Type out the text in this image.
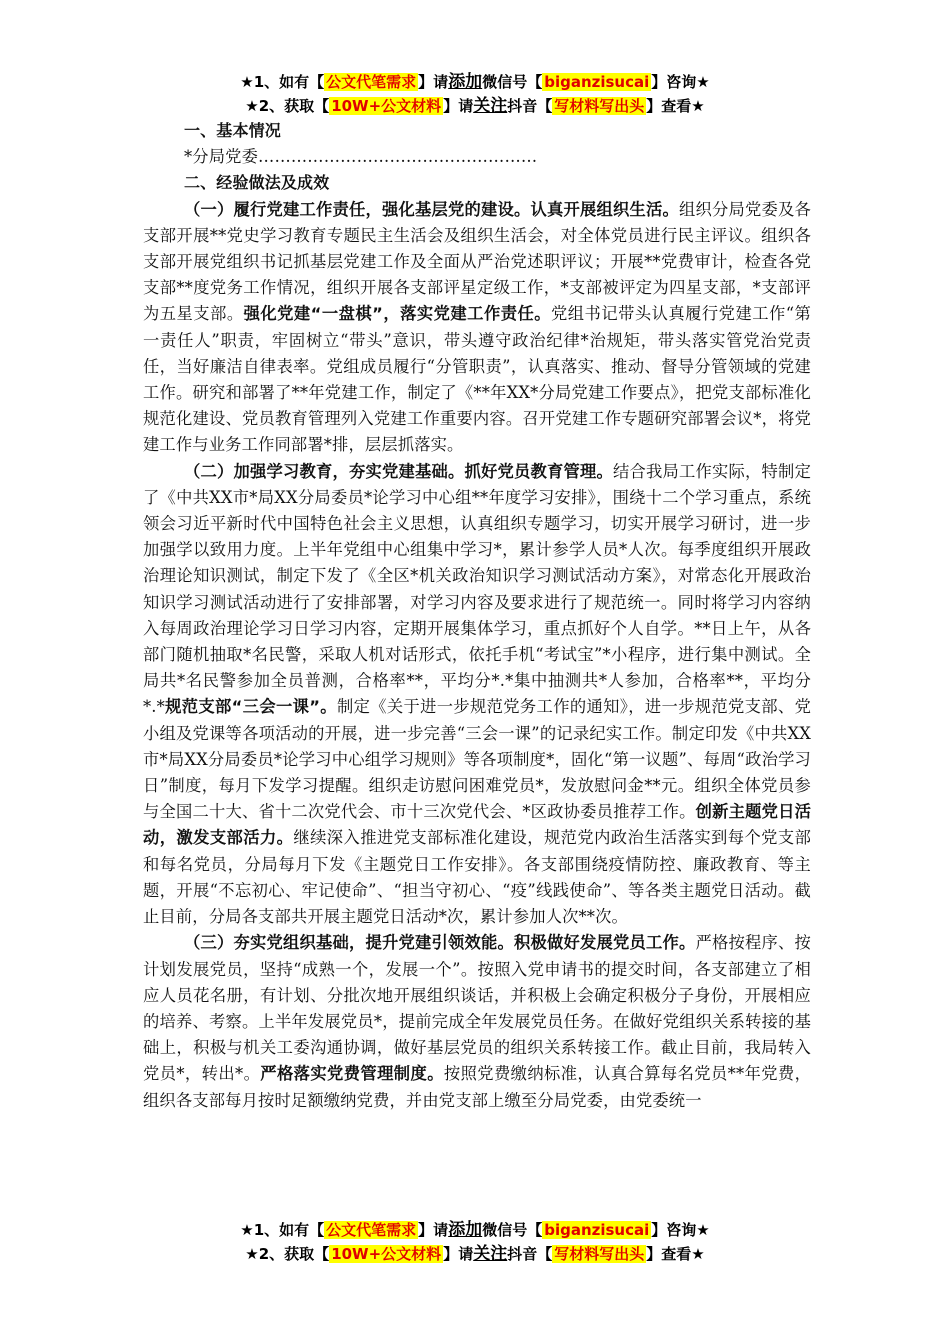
★1、如有【 公文代笔需求 】请添加微信号【 biganzisucai 】咨询★
★2、获取【 10W+公文材料 】请关注抖音【 写材料写出头 】查看★

一、基本情况

*分局党委……………………………………………

二、经验做法及成效

（一）履行党建工作责任，强化基层党的建设。认真开展组织生活。组织分局党委及各支部开展**党史学习教育专题民主生活会及组织生活会，对全体党员进行民主评议。组织各支部开展党组织书记抓基层党建工作及全面从严治党述职评议；开展**党费审计，检查各党支部**度党务工作情况，组织开展各支部评星定级工作，*支部被评定为四星支部，*支部评为五星支部。强化党建“一盘棋”，落实党建工作责任。党组书记带头认真履行党建工作“第一责任人”职责，牢固树立“带头”意识，带头遵守政治纪律*治规矩，带头落实管党治党责任，当好廉洁自律表率。党组成员履行“分管职责”，认真落实、推动、督导分管领域的党建工作。研究和部署了**年党建工作，制定了《**年XX*分局党建工作要点》，把党支部标准化规范化建设、党员教育管理列入党建工作重要内容。召开党建工作专题研究部署会议*，将党建工作与业务工作同部署*排，层层抓落实。

（二）加强学习教育，夯实党建基础。抓好党员教育管理。结合我局工作实际，特制定了《中共XX市*局XX分局委员*论学习中心组**年度学习安排》，围绕十二个学习重点，系统领会习近平新时代中国特色社会主义思想，认真组织专题学习，切实开展学习研讨，进一步加强学以致用力度。上半年党组中心组集中学习*，累计参学人员*人次。每季度组织开展政治理论知识测试，制定下发了《全区*机关政治知识学习测试活动方案》，对常态化开展政治知识学习测试活动进行了安排部署，对学习内容及要求进行了规范统一。同时将学习内容纳入每周政治理论学习日学习内容，定期开展集体学习，重点抓好个人自学。**日上午，从各部门随机抽取*名民警，采取人机对话形式，依托手机“考试宝”*小程序，进行集中测试。全局共*名民警参加全员普测，合格率**，平均分*.*集中抽测共*人参加，合格率**，平均分*.*规范支部“三会一课”。制定《关于进一步规范党务工作的通知》，进一步规范党支部、党小组及党课等各项活动的开展，进一步完善“三会一课”的记录纪实工作。制定印发《中共XX市*局XX分局委员*论学习中心组学习规则》等各项制度*，固化“第一议题”、每周“政治学习日”制度，每月下发学习提醒。组织走访慰问困难党员*，发放慰问金**元。组织全体党员参与全国二十大、省十二次党代会、市十三次党代会、*区政协委员推荐工作。创新主题党日活动，激发支部活力。继续深入推进党支部标准化建设，规范党内政治生活落实到每个党支部和每名党员，分局每月下发《主题党日工作安排》。各支部围绕疫情防控、廉政教育、等主题，开展“不忘初心、牢记使命”、“担当守初心、“疫”线践使命”、等各类主题党日活动。截止目前，分局各支部共开展主题党日活动*次，累计参加人次**次。

（三）夯实党组织基础，提升党建引领效能。积极做好发展党员工作。严格按程序、按计划发展党员，坚持“成熟一个，发展一个”。按照入党申请书的提交时间，各支部建立了相应人员花名册，有计划、分批次地开展组织谈话，并积极上会确定积极分子身份，开展相应的培养、考察。上半年发展党员*，提前完成全年发展党员任务。在做好党组织关系转接的基础上，积极与机关工委沟通协调，做好基层党员的组织关系转接工作。截止目前，我局转入党员*，转出*。严格落实党费管理制度。按照党费缴纳标准，认真合算每名党员**年党费，组织各支部每月按时足额缴纳党费，并由党支部上缴至分局党委，由党委统一

★1、如有【 公文代笔需求 】请添加微信号【 biganzisucai 】咨询★
★2、获取【 10W+公文材料 】请关注抖音【 写材料写出头 】查看★
